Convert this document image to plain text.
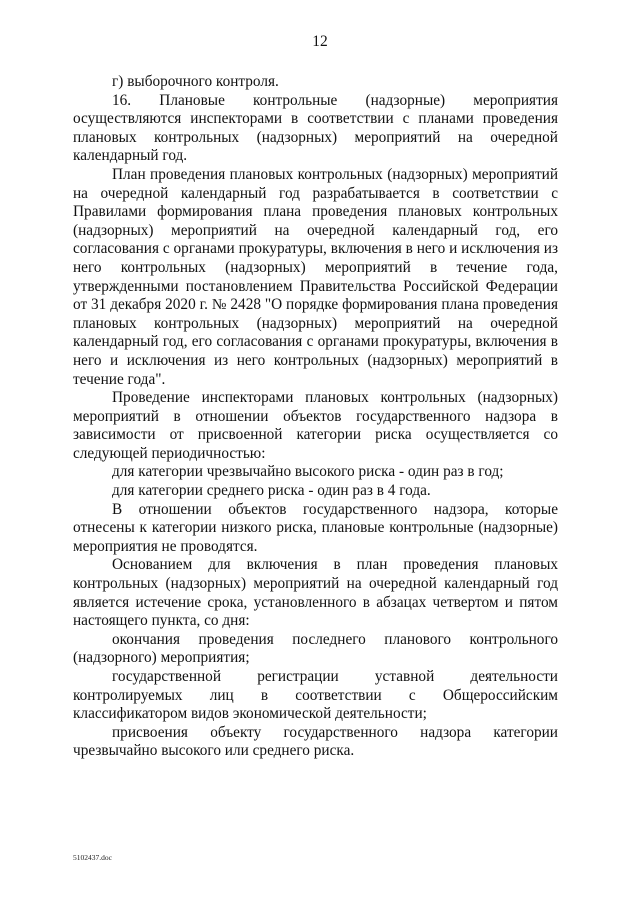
12

г) выборочного контроля.

16. Плановые контрольные (надзорные) мероприятия осуществляются инспекторами в соответствии с планами проведения плановых контрольных (надзорных) мероприятий на очередной календарный год.

План проведения плановых контрольных (надзорных) мероприятий на очередной календарный год разрабатывается в соответствии с Правилами формирования плана проведения плановых контрольных (надзорных) мероприятий на очередной календарный год, его согласования с органами прокуратуры, включения в него и исключения из него контрольных (надзорных) мероприятий в течение года, утвержденными постановлением Правительства Российской Федерации от 31 декабря 2020 г. № 2428 "О порядке формирования плана проведения плановых контрольных (надзорных) мероприятий на очередной календарный год, его согласования с органами прокуратуры, включения в него и исключения из него контрольных (надзорных) мероприятий в течение года".

Проведение инспекторами плановых контрольных (надзорных) мероприятий в отношении объектов государственного надзора в зависимости от присвоенной категории риска осуществляется со следующей периодичностью:

для категории чрезвычайно высокого риска - один раз в год;

для категории среднего риска - один раз в 4 года.

В отношении объектов государственного надзора, которые отнесены к категории низкого риска, плановые контрольные (надзорные) мероприятия не проводятся.

Основанием для включения в план проведения плановых контрольных (надзорных) мероприятий на очередной календарный год является истечение срока, установленного в абзацах четвертом и пятом настоящего пункта, со дня:

окончания проведения последнего планового контрольного (надзорного) мероприятия;

государственной регистрации уставной деятельности контролируемых лиц в соответствии с Общероссийским классификатором видов экономической деятельности;

присвоения объекту государственного надзора категории чрезвычайно высокого или среднего риска.

5102437.doc
